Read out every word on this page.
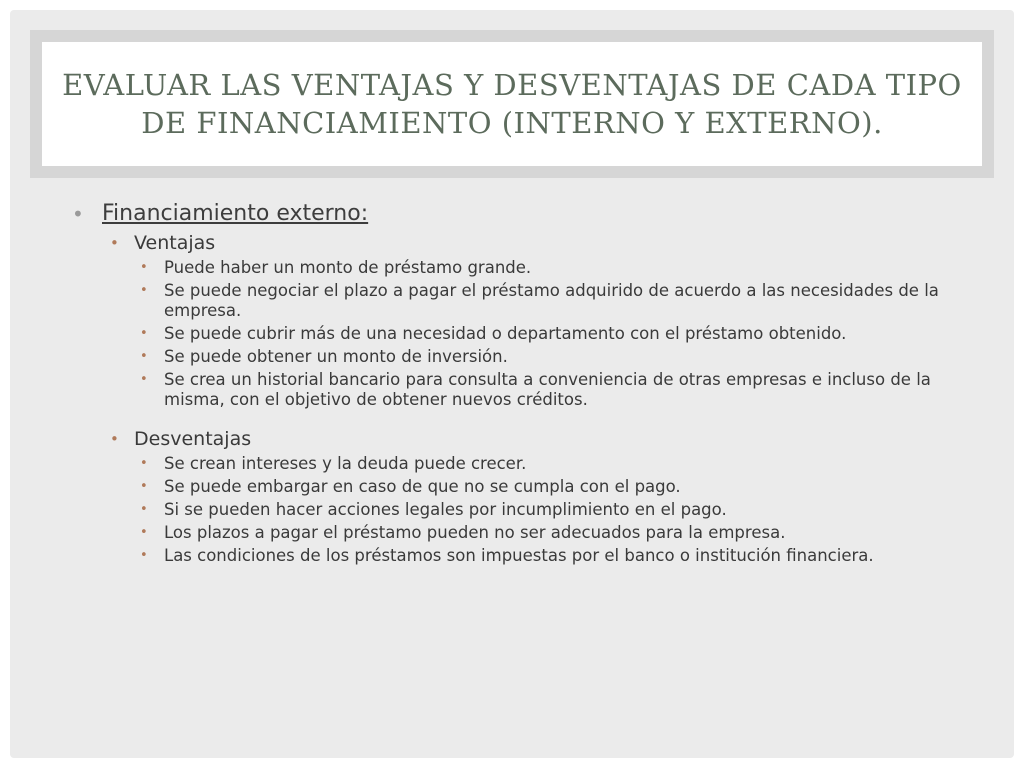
EVALUAR LAS VENTAJAS Y DESVENTAJAS DE CADA TIPO DE FINANCIAMIENTO (INTERNO Y EXTERNO).
• Financiamiento externo:
• Ventajas
• Puede haber un monto de préstamo grande.
• Se puede negociar el plazo a pagar el préstamo adquirido de acuerdo a las necesidades de la empresa.
• Se puede cubrir más de una necesidad o departamento con el préstamo obtenido.
• Se puede obtener un monto de inversión.
• Se crea un historial bancario para consulta a conveniencia de otras empresas e incluso de la misma, con el objetivo de obtener nuevos créditos.
• Desventajas
• Se crean intereses y la deuda puede crecer.
• Se puede embargar en caso de que no se cumpla con el pago.
• Si se pueden hacer acciones legales por incumplimiento en el pago.
• Los plazos a pagar el préstamo pueden no ser adecuados para la empresa.
• Las condiciones de los préstamos son impuestas por el banco o institución financiera.
